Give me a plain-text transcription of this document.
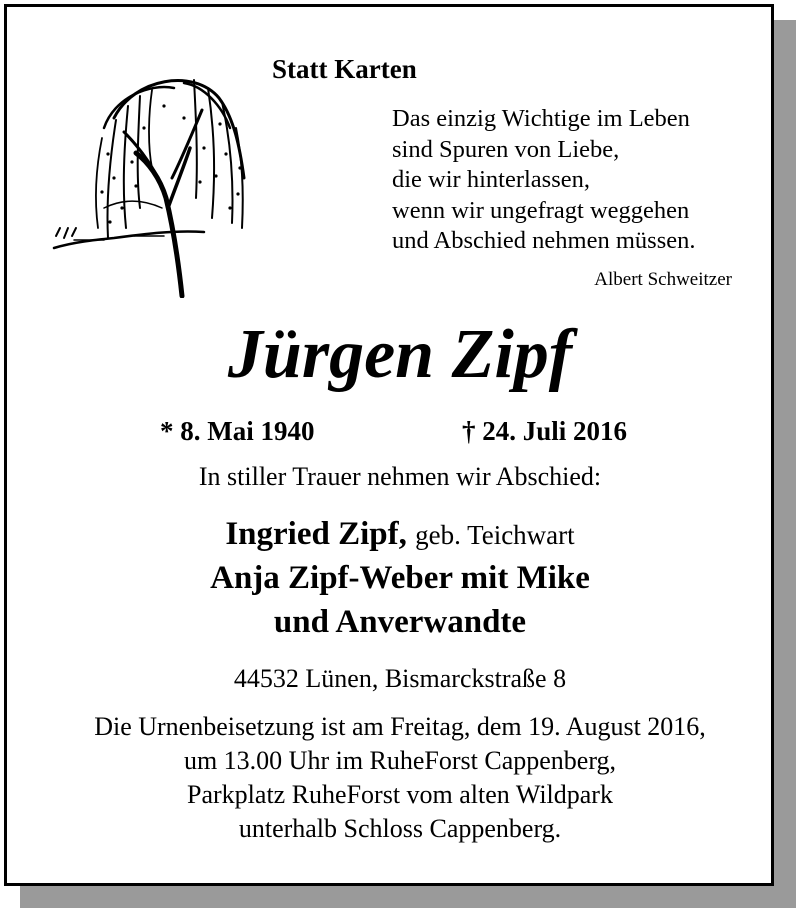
Statt Karten
Das einzig Wichtige im Leben
sind Spuren von Liebe,
die wir hinterlassen,
wenn wir ungefragt weggehen
und Abschied nehmen müssen.
Albert Schweitzer
Jürgen Zipf
* 8. Mai 1940	† 24. Juli 2016
In stiller Trauer nehmen wir Abschied:
Ingried Zipf, geb. Teichwart
Anja Zipf-Weber mit Mike
und Anverwandte
44532 Lünen, Bismarckstraße 8
Die Urnenbeisetzung ist am Freitag, dem 19. August 2016,
um 13.00 Uhr im RuheForst Cappenberg,
Parkplatz RuheForst vom alten Wildpark
unterhalb Schloss Cappenberg.
